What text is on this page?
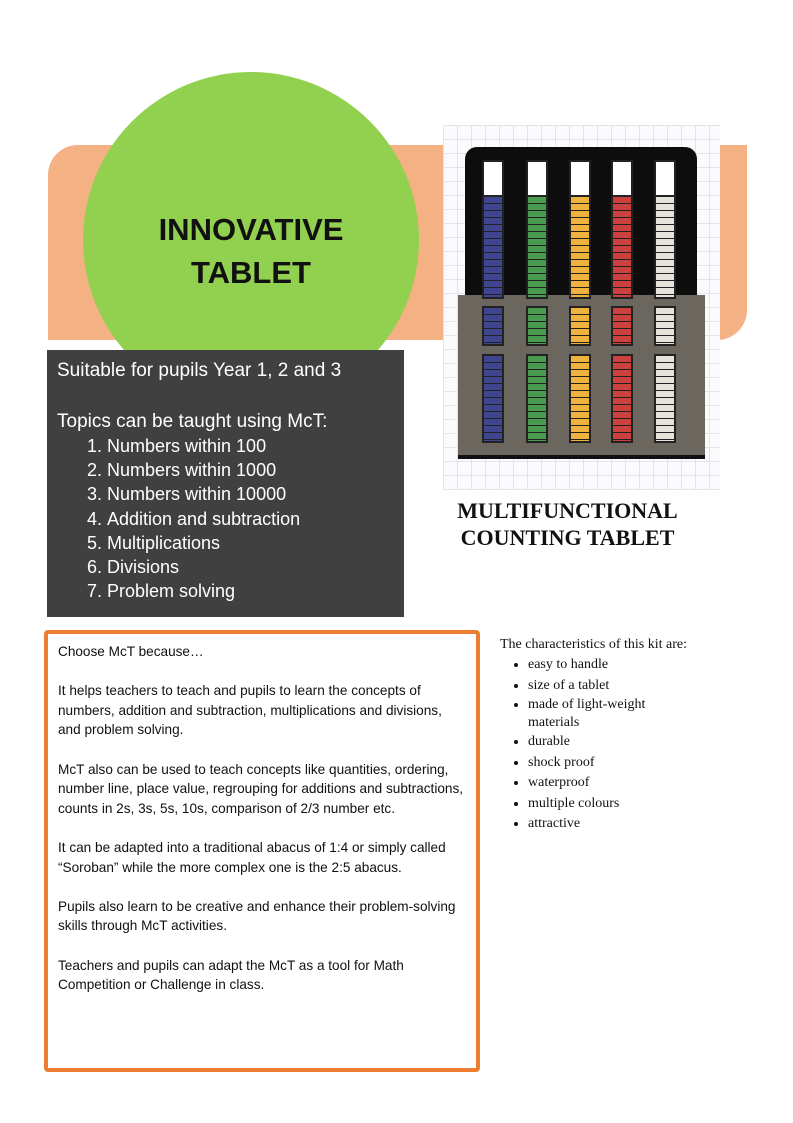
INNOVATIVE
TABLET
Suitable for pupils Year 1, 2 and 3
Topics can be taught using McT:
1. Numbers within 100
2. Numbers within 1000
3. Numbers within 10000
4. Addition and subtraction
5. Multiplications
6. Divisions
7. Problem solving
MULTIFUNCTIONAL
COUNTING TABLET

Choose McT because…

It helps teachers to teach and pupils to learn the concepts of numbers, addition and subtraction, multiplications and divisions, and problem solving.

McT also can be used to teach concepts like quantities, ordering, number line, place value, regrouping for additions and subtractions, counts in 2s, 3s, 5s, 10s, comparison of 2/3 number etc.

It can be adapted into a traditional abacus of 1:4 or simply called “Soroban” while the more complex one is the 2:5 abacus.

Pupils also learn to be creative and enhance their problem-solving skills through McT activities.

Teachers and pupils can adapt the McT as a tool for Math Competition or Challenge in class.

The characteristics of this kit are:
• easy to handle
• size of a tablet
• made of light-weight materials
• durable
• shock proof
• waterproof
• multiple colours
• attractive
